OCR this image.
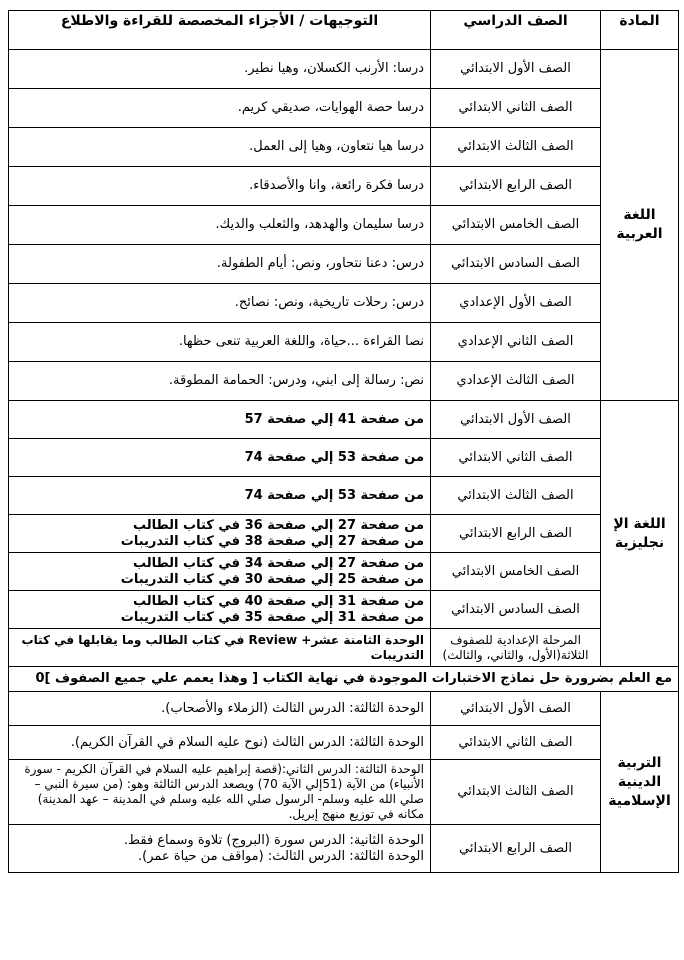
المادة	الصف الدراسي	التوجيهات / الأجزاء المخصصة للقراءة والاطلاع
اللغة العربية	الصف الأول الابتدائي	درسا: الأرنب الكسلان، وهيا نطير.
	الصف الثاني الابتدائي	درسا حصة الهوايات، صديقي كريم.
	الصف الثالث الابتدائي	درسا هيا نتعاون، وهيا إلى العمل.
	الصف الرابع الابتدائي	درسا فكرة رائعة، وانا والأصدقاء.
	الصف الخامس الابتدائي	درسا سليمان والهدهد، والثعلب والديك.
	الصف السادس الابتدائي	درس: دعنا نتحاور، ونص: أيام الطفولة.
	الصف الأول الإعدادي	درس: رحلات تاريخية، ونص: نصائح.
	الصف الثاني الإعدادي	نصا القراءة ...حياة، واللغة العربية تنعى حظها.
	الصف الثالث الإعدادي	نص: رسالة إلى ابني، ودرس: الحمامة المطوقة.
اللغة الإ نجليزية	الصف الأول الابتدائي	من صفحة 41 إلي صفحة 57

	الصف الثاني الابتدائي	من صفحة 53 إلي صفحة 74

	الصف الثالث الابتدائي	من صفحة 53 إلي صفحة 74

	الصف الرابع الابتدائي	من صفحة 27 إلي صفحة 36 في كتاب الطالب
من صفحة 27 إلي صفحة 38 في كتاب التدريبات

	الصف الخامس الابتدائي	من صفحة 27 إلي صفحة 34 في كتاب الطالب
من صفحة 25 إلي صفحة 30 في كتاب التدريبات

	الصف السادس الابتدائي	من صفحة 31 إلي صفحة 40 في كتاب الطالب
من صفحة 31 إلي صفحة 35 في كتاب التدريبات

	المرحلة الإعدادية للصفوف الثلاثة(الأول، والثاني، والثالث)	الوحدة الثامنة عشر+ Review في كتاب الطالب وما يقابلها في كتاب التدريبات

مع العلم بضرورة حل نماذج الاختبارات الموجودة في نهاية الكتاب [ وهذا يعمم علي جميع الصفوف ]0		
التربية الدينية الإسلامية	الصف الأول الابتدائي	الوحدة الثالثة: الدرس الثالث (الزملاء والأصحاب).
	الصف الثاني الابتدائي	الوحدة الثالثة: الدرس الثالث (نوح عليه السلام في القرآن الكريم).
	الصف الثالث الابتدائي	الوحدة الثالثة: الدرس الثاني:(قصة إبراهيم عليه السلام في القرآن الكريم - سورة الأنبياء) من الآية (51إلي الآية 70) ويصعد الدرس الثالثة وهو: (من سيرة النبي – صلي الله عليه وسلم- الرسول صلي الله عليه وسلم في المدينة – عهد المدينة) مكانه في توزيع منهج إبريل.
	الصف الرابع الابتدائي	الوحدة الثانية: الدرس سورة (البروج) تلاوة وسماع فقط.
الوحدة الثالثة: الدرس الثالث: (مواقف من حياة عمر).
